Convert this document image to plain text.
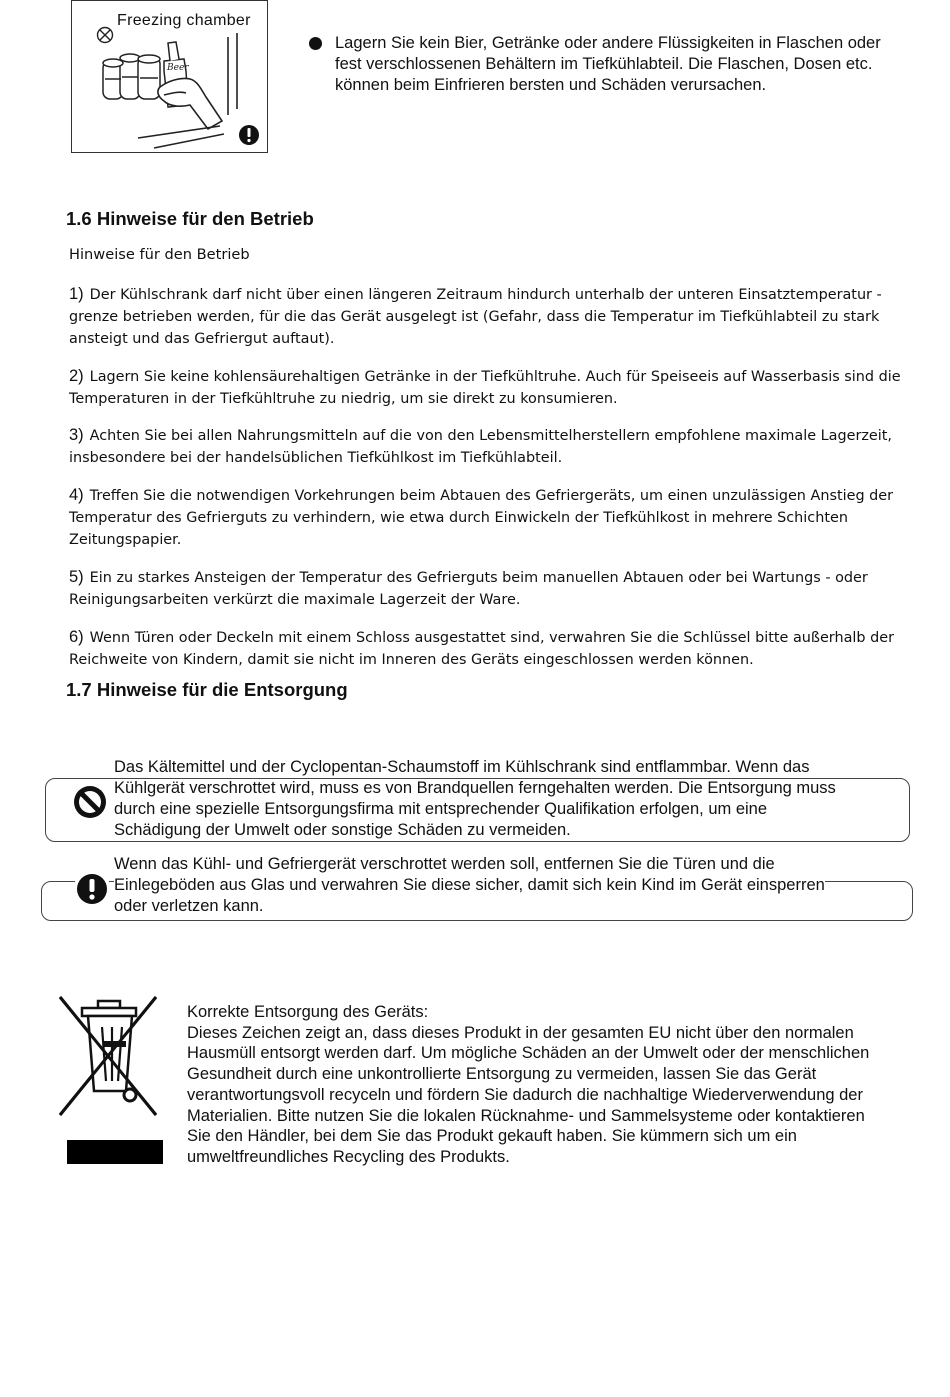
Beer
Freezing chamber
Lagern Sie kein Bier, Getränke oder andere Flüssigkeiten in Flaschen oder fest verschlossenen Behältern im Tiefkühlabteil. Die Flaschen, Dosen etc. können beim Einfrieren bersten und Schäden verursachen.
1.6 Hinweise für den Betrieb
Hinweise für den Betrieb
1) Der Kühlschrank darf nicht über einen längeren Zeitraum hindurch unterhalb der unteren Einsatztemperatur - grenze betrieben werden, für die das Gerät ausgelegt ist (Gefahr, dass die Temperatur im Tiefkühlabteil zu stark ansteigt und das Gefriergut auftaut).
2) Lagern Sie keine kohlensäurehaltigen Getränke in der Tiefkühltruhe. Auch für Speiseeis auf Wasserbasis sind die Temperaturen in der Tiefkühltruhe zu niedrig, um sie direkt zu konsumieren.
3) Achten Sie bei allen Nahrungsmitteln auf die von den Lebensmittelherstellern empfohlene maximale Lagerzeit, insbesondere bei der handelsüblichen Tiefkühlkost im Tiefkühlabteil.
4) Treffen Sie die notwendigen Vorkehrungen beim Abtauen des Gefriergeräts, um einen unzulässigen Anstieg der Temperatur des Gefrierguts zu verhindern, wie etwa durch Einwickeln der Tiefkühlkost in mehrere Schichten Zeitungspapier.
5) Ein zu starkes Ansteigen der Temperatur des Gefrierguts beim manuellen Abtauen oder bei Wartungs - oder Reinigungsarbeiten verkürzt die maximale Lagerzeit der Ware.
6) Wenn Türen oder Deckeln mit einem Schloss ausgestattet sind, verwahren Sie die Schlüssel bitte außerhalb der Reichweite von Kindern, damit sie nicht im Inneren des Geräts eingeschlossen werden können.
1.7 Hinweise für die Entsorgung
Das Kältemittel und der Cyclopentan-Schaumstoff im Kühlschrank sind entflammbar. Wenn das Kühlgerät verschrottet wird, muss es von Brandquellen ferngehalten werden. Die Entsorgung muss durch eine spezielle Entsorgungsfirma mit entsprechender Qualifikation erfolgen, um eine Schädigung der Umwelt oder sonstige Schäden zu vermeiden.
Wenn das Kühl- und Gefriergerät verschrottet werden soll, entfernen Sie die Türen und die Einlegeböden aus Glas und verwahren Sie diese sicher, damit sich kein Kind im Gerät einsperren oder verletzen kann.
Korrekte Entsorgung des Geräts:
Dieses Zeichen zeigt an, dass dieses Produkt in der gesamten EU nicht über den normalen Hausmüll entsorgt werden darf. Um mögliche Schäden an der Umwelt oder der menschlichen Gesundheit durch eine unkontrollierte Entsorgung zu vermeiden, lassen Sie das Gerät verantwortungsvoll recyceln und fördern Sie dadurch die nachhaltige Wiederverwendung der Materialien. Bitte nutzen Sie die lokalen Rücknahme- und Sammelsysteme oder kontaktieren Sie den Händler, bei dem Sie das Produkt gekauft haben. Sie kümmern sich um ein umweltfreundliches Recycling des Produkts.
